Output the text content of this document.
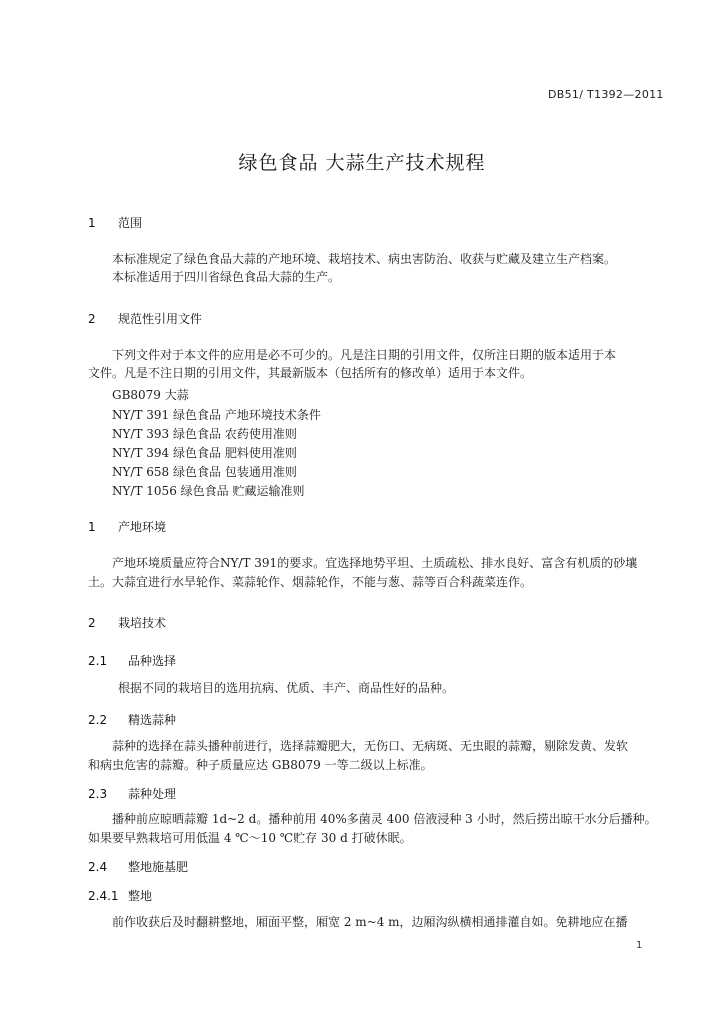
DB51/ T1392—2011
绿色食品 大蒜生产技术规程
1 范围
本标准规定了绿色食品大蒜的产地环境、栽培技术、病虫害防治、收获与贮藏及建立生产档案。
本标准适用于四川省绿色食品大蒜的生产。
2 规范性引用文件
下列文件对于本文件的应用是必不可少的。凡是注日期的引用文件，仅所注日期的版本适用于本
文件。凡是不注日期的引用文件，其最新版本（包括所有的修改单）适用于本文件。
GB8079 大蒜
NY/T 391 绿色食品 产地环境技术条件
NY/T 393 绿色食品 农药使用准则
NY/T 394 绿色食品 肥料使用准则
NY/T 658 绿色食品 包装通用准则
NY/T 1056 绿色食品 贮藏运输准则
1 产地环境
产地环境质量应符合NY/T 391的要求。宜选择地势平坦、土质疏松、排水良好、富含有机质的砂壤
土。大蒜宜进行水旱轮作、菜蒜轮作、烟蒜轮作，不能与葱、蒜等百合科蔬菜连作。
2 栽培技术
2.1 品种选择
根据不同的栽培目的选用抗病、优质、丰产、商品性好的品种。
2.2 精选蒜种
蒜种的选择在蒜头播种前进行，选择蒜瓣肥大，无伤口、无病斑、无虫眼的蒜瓣，剔除发黄、发软
和病虫危害的蒜瓣。种子质量应达 GB8079 一等二级以上标准。
2.3 蒜种处理
播种前应晾晒蒜瓣 1d~2 d。播种前用 40%多菌灵 400 倍液浸种 3 小时，然后捞出晾干水分后播种。
如果要早熟栽培可用低温 4 ℃～10 ℃贮存 30 d 打破休眠。
2.4 整地施基肥
2.4.1 整地
前作收获后及时翻耕整地，厢面平整，厢宽 2 m~4 m，边厢沟纵横相通排灌自如。免耕地应在播
1
